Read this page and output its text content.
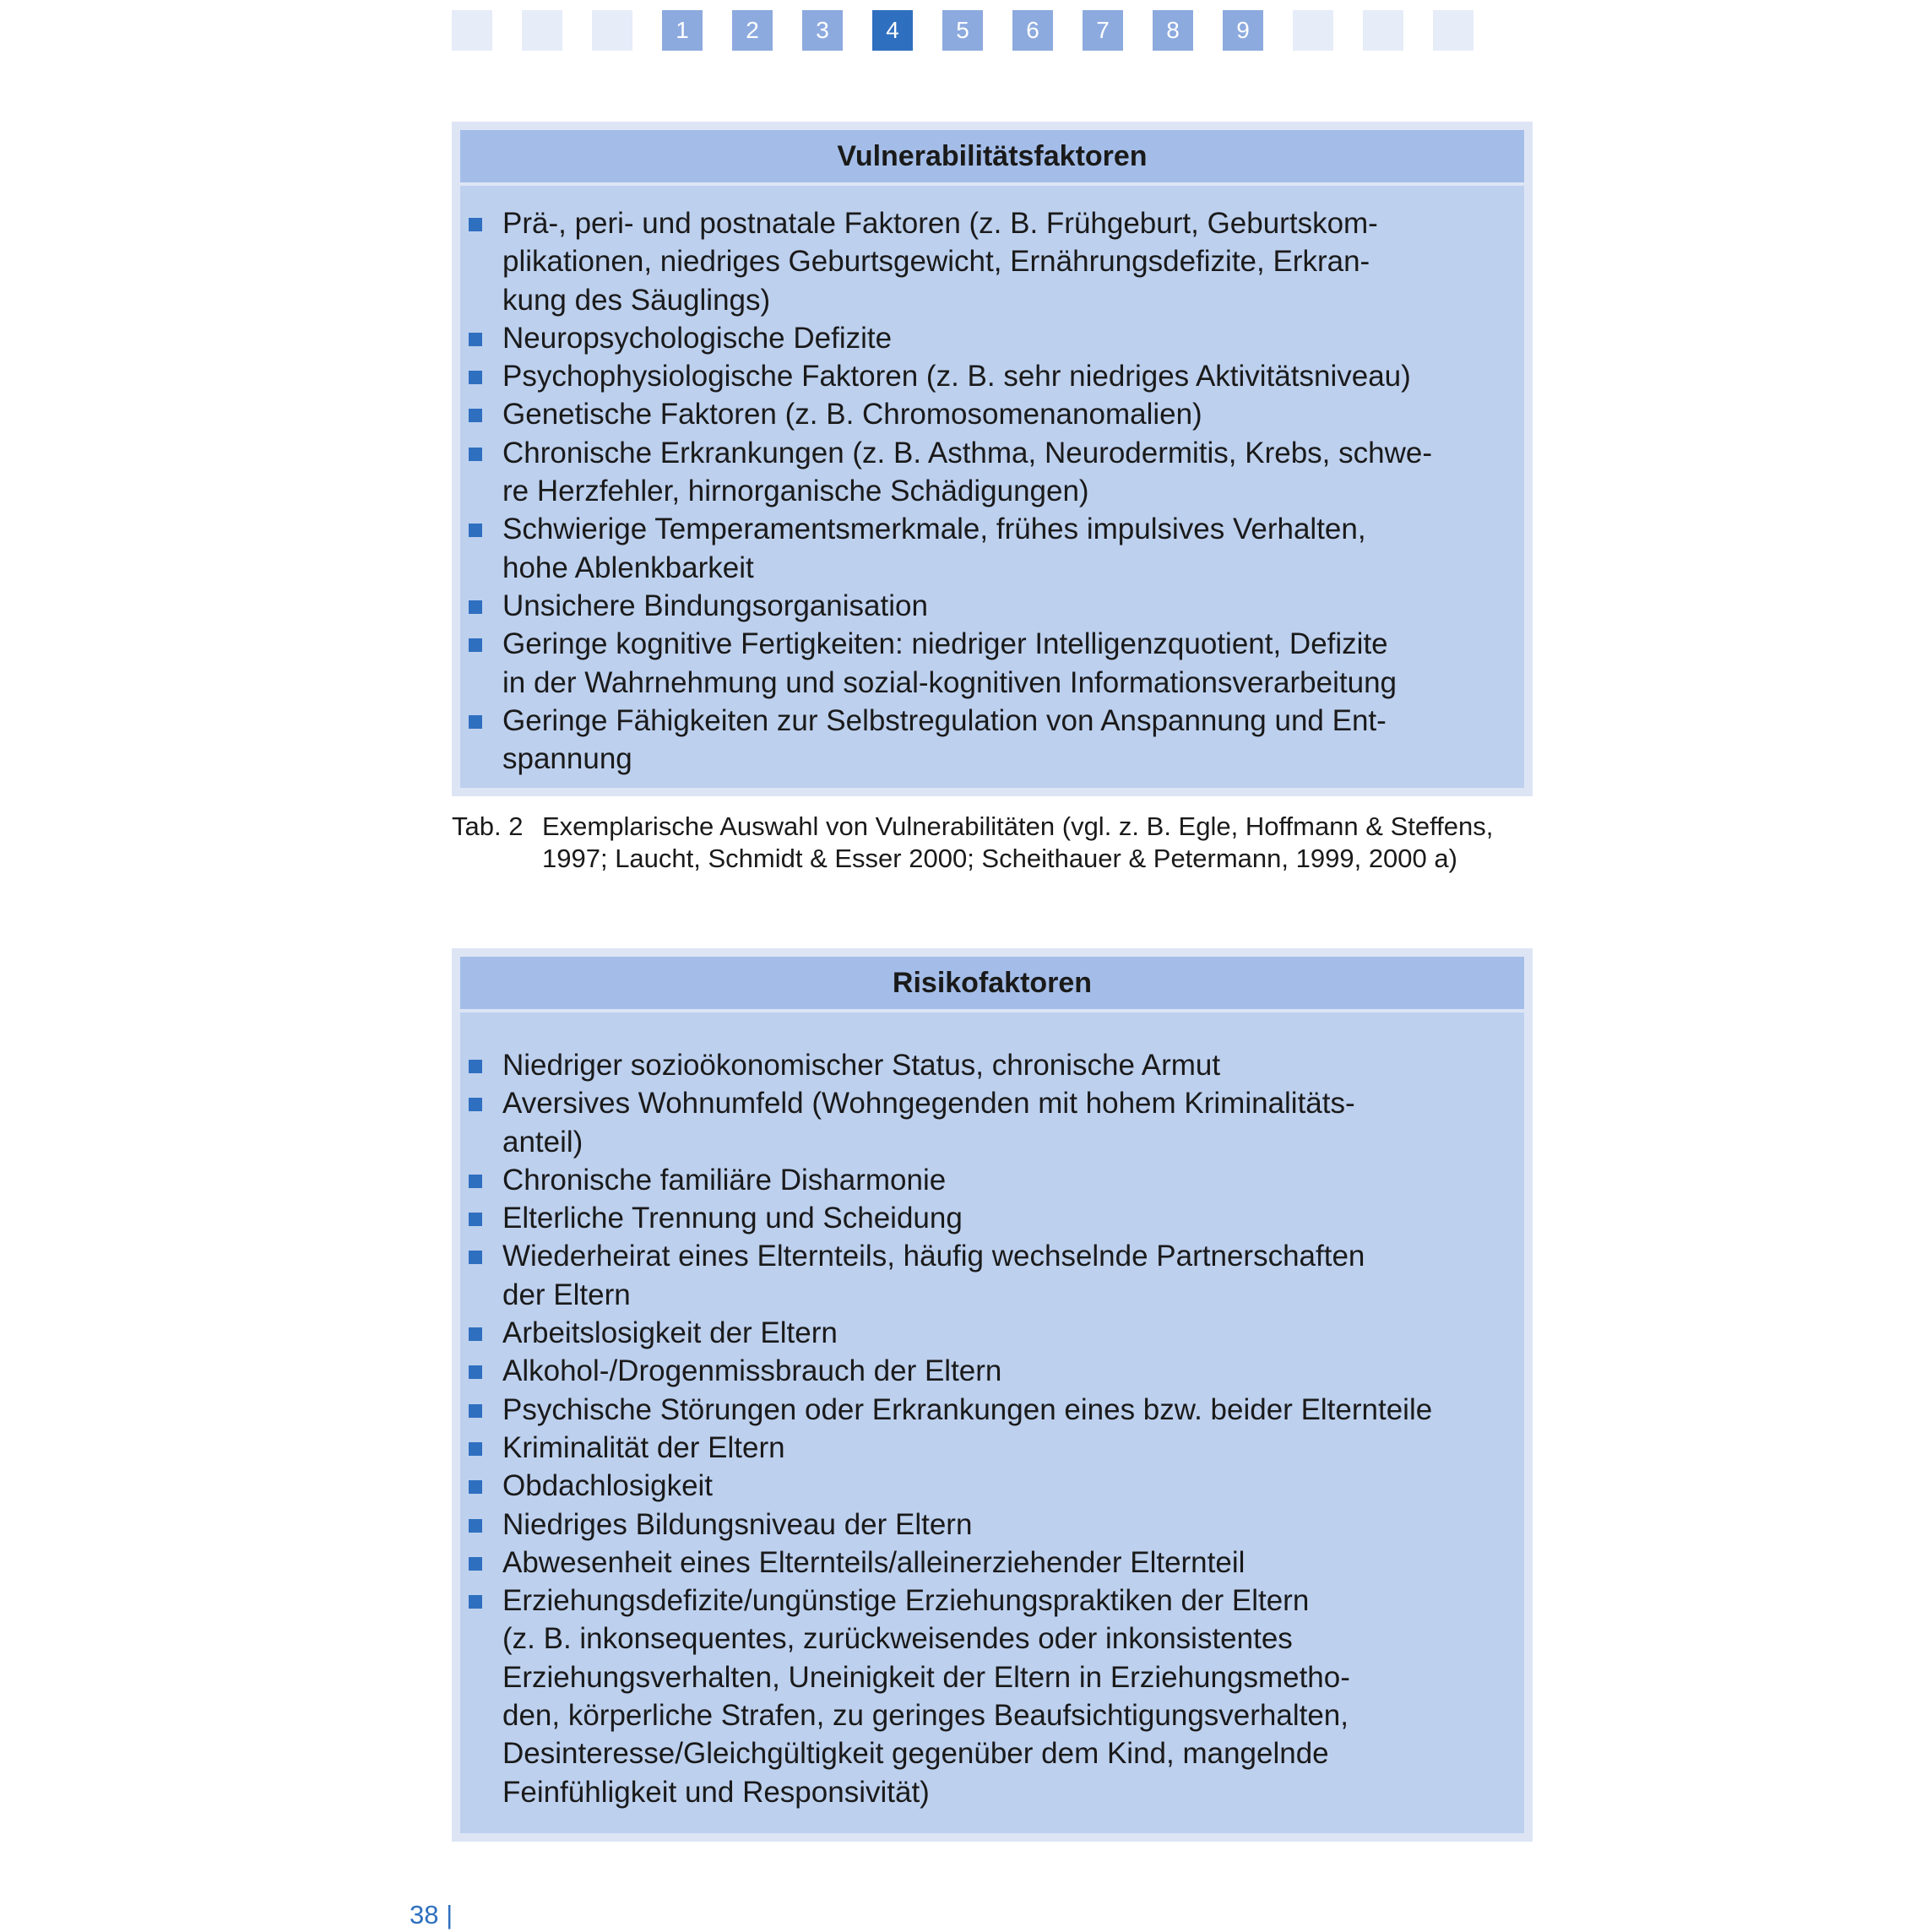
1	2	3	4	5	6	7	8	9
Vulnerabilitätsfaktoren
Prä-, peri- und postnatale Faktoren (z. B. Frühgeburt, Geburtskom-
plikationen, niedriges Geburtsgewicht, Ernährungsdefizite, Erkran-
kung des Säuglings)
Neuropsychologische Defizite
Psychophysiologische Faktoren (z. B. sehr niedriges Aktivitätsniveau)
Genetische Faktoren (z. B. Chromosomenanomalien)
Chronische Erkrankungen (z. B. Asthma, Neurodermitis, Krebs, schwe-
re Herzfehler, hirnorganische Schädigungen)
Schwierige Temperamentsmerkmale, frühes impulsives Verhalten,
hohe Ablenkbarkeit
Unsichere Bindungsorganisation
Geringe kognitive Fertigkeiten: niedriger Intelligenzquotient, Defizite
in der Wahrnehmung und sozial-kognitiven Informationsverarbeitung
Geringe Fähigkeiten zur Selbstregulation von Anspannung und Ent-
spannung
Tab. 2 Exemplarische Auswahl von Vulnerabilitäten (vgl. z. B. Egle, Hoffmann & Steffens, 1997; Laucht, Schmidt & Esser 2000; Scheithauer & Petermann, 1999, 2000 a)
Risikofaktoren
Niedriger sozioökonomischer Status, chronische Armut
Aversives Wohnumfeld (Wohngegenden mit hohem Kriminalitäts-
anteil)
Chronische familiäre Disharmonie
Elterliche Trennung und Scheidung
Wiederheirat eines Elternteils, häufig wechselnde Partnerschaften
der Eltern
Arbeitslosigkeit der Eltern
Alkohol-/Drogenmissbrauch der Eltern
Psychische Störungen oder Erkrankungen eines bzw. beider Elternteile
Kriminalität der Eltern
Obdachlosigkeit
Niedriges Bildungsniveau der Eltern
Abwesenheit eines Elternteils/alleinerziehender Elternteil
Erziehungsdefizite/ungünstige Erziehungspraktiken der Eltern
(z. B. inkonsequentes, zurückweisendes oder inkonsistentes
Erziehungsverhalten, Uneinigkeit der Eltern in Erziehungsmetho-
den, körperliche Strafen, zu geringes Beaufsichtigungsverhalten,
Desinteresse/Gleichgültigkeit gegenüber dem Kind, mangelnde
Feinfühligkeit und Responsivität)
38 |
